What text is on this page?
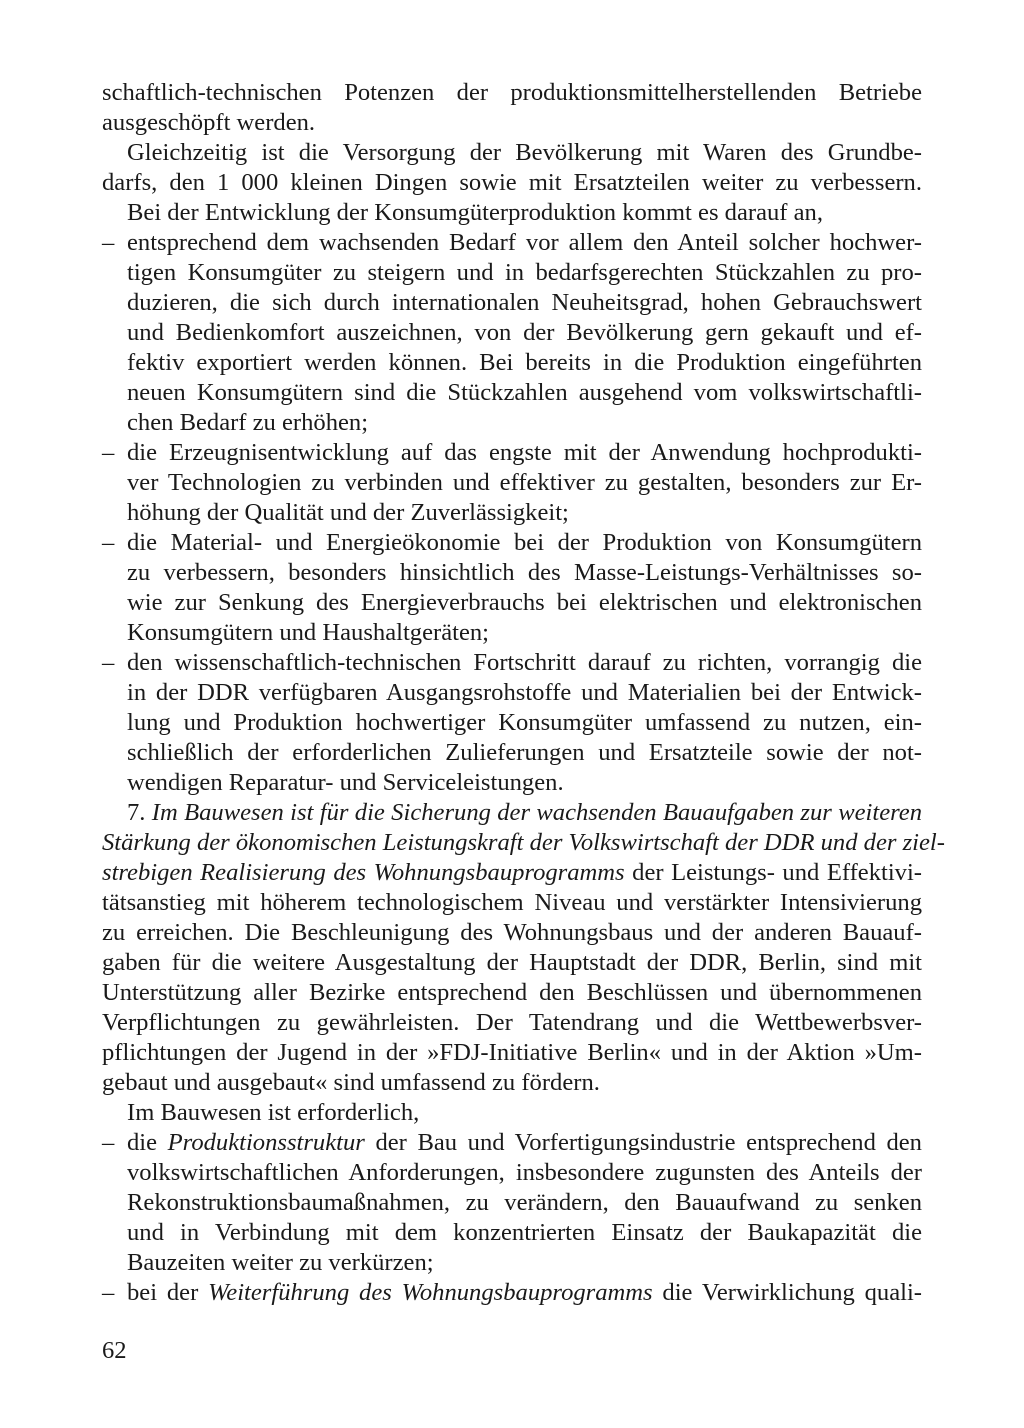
schaftlich-technischen Potenzen der produktionsmittelherstellenden Betriebe
ausgeschöpft werden.
Gleichzeitig ist die Versorgung der Bevölkerung mit Waren des Grundbe-
darfs, den 1 000 kleinen Dingen sowie mit Ersatzteilen weiter zu verbessern.
Bei der Entwicklung der Konsumgüterproduktion kommt es darauf an,
– entsprechend dem wachsenden Bedarf vor allem den Anteil solcher hochwer-
tigen Konsumgüter zu steigern und in bedarfsgerechten Stückzahlen zu pro-
duzieren, die sich durch internationalen Neuheitsgrad, hohen Gebrauchswert
und Bedienkomfort auszeichnen, von der Bevölkerung gern gekauft und ef-
fektiv exportiert werden können. Bei bereits in die Produktion eingeführten
neuen Konsumgütern sind die Stückzahlen ausgehend vom volkswirtschaftli-
chen Bedarf zu erhöhen;
– die Erzeugnisentwicklung auf das engste mit der Anwendung hochprodukti-
ver Technologien zu verbinden und effektiver zu gestalten, besonders zur Er-
höhung der Qualität und der Zuverlässigkeit;
– die Material- und Energieökonomie bei der Produktion von Konsumgütern
zu verbessern, besonders hinsichtlich des Masse-Leistungs-Verhältnisses so-
wie zur Senkung des Energieverbrauchs bei elektrischen und elektronischen
Konsumgütern und Haushaltgeräten;
– den wissenschaftlich-technischen Fortschritt darauf zu richten, vorrangig die
in der DDR verfügbaren Ausgangsrohstoffe und Materialien bei der Entwick-
lung und Produktion hochwertiger Konsumgüter umfassend zu nutzen, ein-
schließlich der erforderlichen Zulieferungen und Ersatzteile sowie der not-
wendigen Reparatur- und Serviceleistungen.
7. Im Bauwesen ist für die Sicherung der wachsenden Bauaufgaben zur weiteren
Stärkung der ökonomischen Leistungskraft der Volkswirtschaft der DDR und der ziel-
strebigen Realisierung des Wohnungsbauprogramms der Leistungs- und Effektivi-
tätsanstieg mit höherem technologischem Niveau und verstärkter Intensivierung
zu erreichen. Die Beschleunigung des Wohnungsbaus und der anderen Bauauf-
gaben für die weitere Ausgestaltung der Hauptstadt der DDR, Berlin, sind mit
Unterstützung aller Bezirke entsprechend den Beschlüssen und übernommenen
Verpflichtungen zu gewährleisten. Der Tatendrang und die Wettbewerbsver-
pflichtungen der Jugend in der »FDJ-Initiative Berlin« und in der Aktion »Um-
gebaut und ausgebaut« sind umfassend zu fördern.
Im Bauwesen ist erforderlich,
– die Produktionsstruktur der Bau und Vorfertigungsindustrie entsprechend den
volkswirtschaftlichen Anforderungen, insbesondere zugunsten des Anteils der
Rekonstruktionsbaumaßnahmen, zu verändern, den Bauaufwand zu senken
und in Verbindung mit dem konzentrierten Einsatz der Baukapazität die
Bauzeiten weiter zu verkürzen;
– bei der Weiterführung des Wohnungsbauprogramms die Verwirklichung quali-
62
